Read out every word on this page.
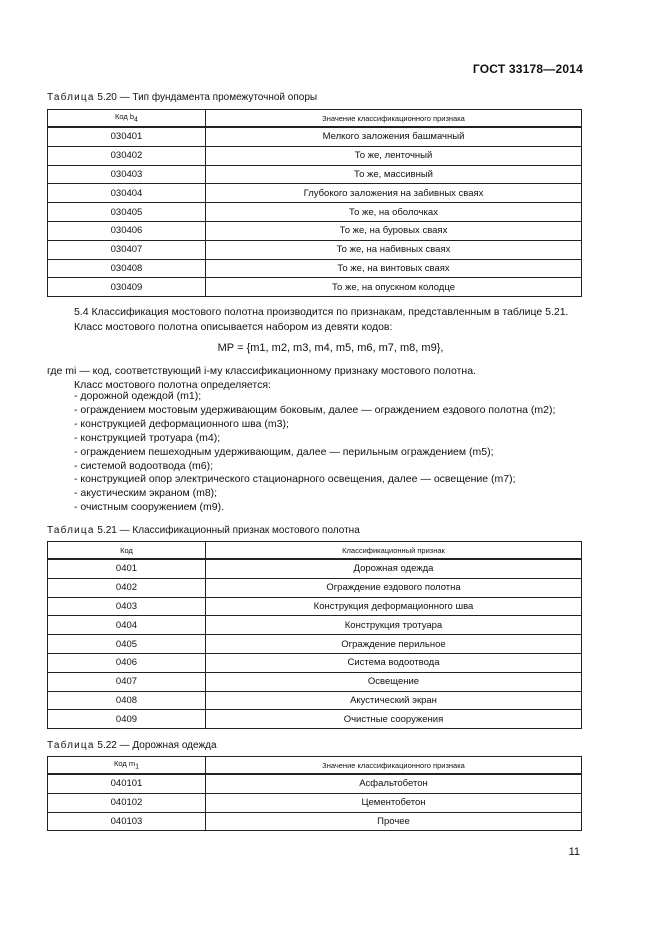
ГОСТ 33178—2014
Таблица 5.20 — Тип фундамента промежуточной опоры
Код $b_4$	Значение классификационного признака
030401	Мелкого заложения башмачный
030402	То же, ленточный
030403	То же, массивный
030404	Глубокого заложения на забивных сваях
030405	То же, на оболочках
030406	То же, на буровых сваях
030407	То же, на набивных сваях
030408	То же, на винтовых сваях
030409	То же, на опускном колодце
5.4 Классификация мостового полотна производится по признакам, представленным в таблице 5.21.
Класс мостового полотна описывается набором из девяти кодов:
МР = {m1, m2, m3, m4, m5, m6, m7, m8, m9},
где mi — код, соответствующий i-му классификационному признаку мостового полотна.
Класс мостового полотна определяется:
- дорожной одеждой (m1);
- ограждением мостовым удерживающим боковым, далее — ограждением ездового полотна (m2);
- конструкцией деформационного шва (m3);
- конструкцией тротуара (m4);
- ограждением пешеходным удерживающим, далее — перильным ограждением (m5);
- системой водоотвода (m6);
- конструкцией опор электрического стационарного освещения, далее — освещение (m7);
- акустическим экраном (m8);
- очистным сооружением (m9).
Таблица 5.21 — Классификационный признак мостового полотна
Код	Классификационный признак
0401	Дорожная одежда
0402	Ограждение ездового полотна
0403	Конструкция деформационного шва
0404	Конструкция тротуара
0405	Ограждение перильное
0406	Система водоотвода
0407	Освещение
0408	Акустический экран
0409	Очистные сооружения
Таблица 5.22 — Дорожная одежда
Код $m_1$	Значение классификационного признака
040101	Асфальтобетон
040102	Цементобетон
040103	Прочее
11
